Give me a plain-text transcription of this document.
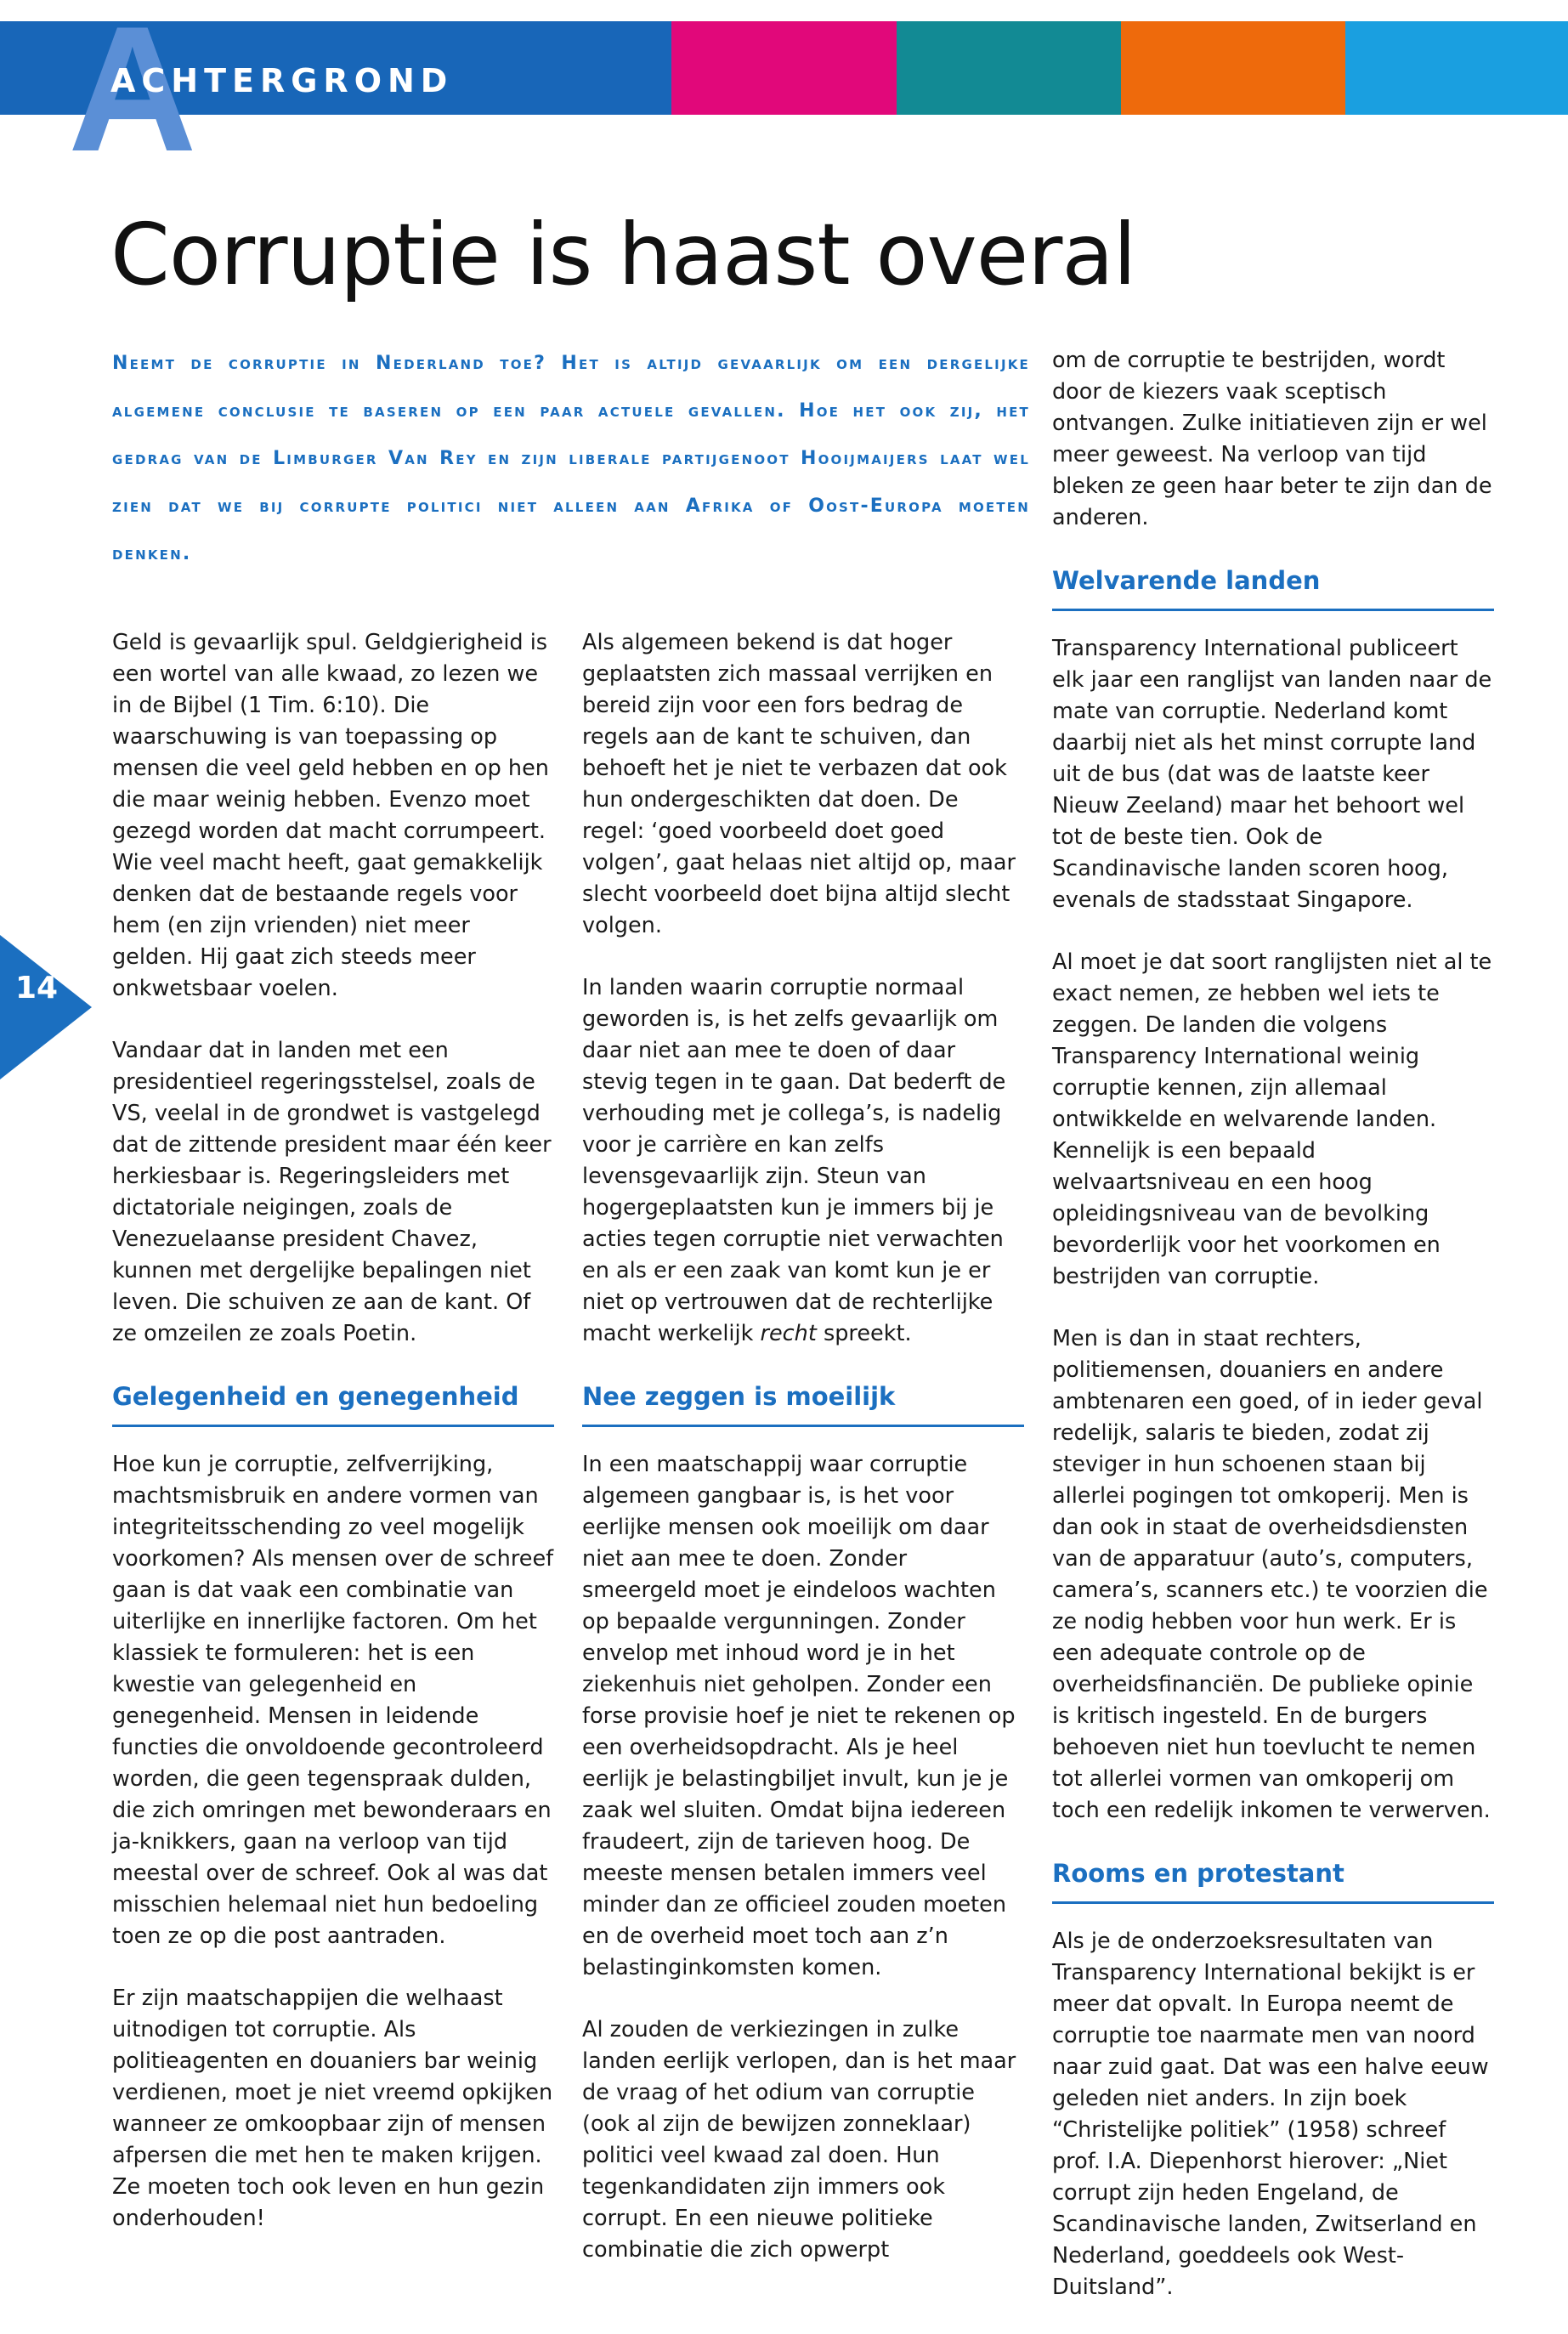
A
ACHTERGROND
Corruptie is haast overal

Neemt de corruptie in Nederland toe? Het is altijd gevaarlijk om een dergelijke algemene conclusie te baseren op een paar actuele gevallen. Hoe het ook zij, het gedrag van de Limburger Van Rey en zijn liberale partijgenoot Hooijmaijers laat wel zien dat we bij corrupte politici niet alleen aan Afrika of Oost-Europa moeten denken.

Geld is gevaarlijk spul. Geldgierigheid is een wortel van alle kwaad, zo lezen we in de Bijbel (1 Tim. 6:10). Die waarschuwing is van toepassing op mensen die veel geld hebben en op hen die maar weinig hebben. Evenzo moet gezegd worden dat macht corrumpeert. Wie veel macht heeft, gaat gemakkelijk denken dat de bestaande regels voor hem (en zijn vrienden) niet meer gelden. Hij gaat zich steeds meer onkwetsbaar voelen.

Vandaar dat in landen met een presidentieel regeringsstelsel, zoals de VS, veelal in de grondwet is vastgelegd dat de zittende president maar één keer herkiesbaar is. Regeringsleiders met dictatoriale neigingen, zoals de Venezuelaanse president Chavez, kunnen met dergelijke bepalingen niet leven. Die schuiven ze aan de kant. Of ze omzeilen ze zoals Poetin.

Gelegenheid en genegenheid

Hoe kun je corruptie, zelfverrijking, machtsmisbruik en andere vormen van integriteitsschending zo veel mogelijk voorkomen? Als mensen over de schreef gaan is dat vaak een combinatie van uiterlijke en innerlijke factoren. Om het klassiek te formuleren: het is een kwestie van gelegenheid en genegenheid. Mensen in leidende functies die onvoldoende gecontroleerd worden, die geen tegenspraak dulden, die zich omringen met bewonderaars en ja-knikkers, gaan na verloop van tijd meestal over de schreef. Ook al was dat misschien helemaal niet hun bedoeling toen ze op die post aantraden.

Er zijn maatschappijen die welhaast uitnodigen tot corruptie. Als politieagenten en douaniers bar weinig verdienen, moet je niet vreemd opkijken wanneer ze omkoopbaar zijn of mensen afpersen die met hen te maken krijgen. Ze moeten toch ook leven en hun gezin onderhouden!

Als algemeen bekend is dat hoger geplaatsten zich massaal verrijken en bereid zijn voor een fors bedrag de regels aan de kant te schuiven, dan behoeft het je niet te verbazen dat ook hun ondergeschikten dat doen. De regel: ‘goed voorbeeld doet goed volgen’, gaat helaas niet altijd op, maar slecht voorbeeld doet bijna altijd slecht volgen.

In landen waarin corruptie normaal geworden is, is het zelfs gevaarlijk om daar niet aan mee te doen of daar stevig tegen in te gaan. Dat bederft de verhouding met je collega’s, is nadelig voor je carrière en kan zelfs levensgevaarlijk zijn. Steun van hogergeplaatsten kun je immers bij je acties tegen corruptie niet verwachten en als er een zaak van komt kun je er niet op vertrouwen dat de rechterlijke macht werkelijk recht spreekt.

Nee zeggen is moeilijk

In een maatschappij waar corruptie algemeen gangbaar is, is het voor eerlijke mensen ook moeilijk om daar niet aan mee te doen. Zonder smeergeld moet je eindeloos wachten op bepaalde vergunningen. Zonder envelop met inhoud word je in het ziekenhuis niet geholpen. Zonder een forse provisie hoef je niet te rekenen op een overheidsopdracht. Als je heel eerlijk je belastingbiljet invult, kun je je zaak wel sluiten. Omdat bijna iedereen fraudeert, zijn de tarieven hoog. De meeste mensen betalen immers veel minder dan ze officieel zouden moeten en de overheid moet toch aan z’n belastinginkomsten komen.

Al zouden de verkiezingen in zulke landen eerlijk verlopen, dan is het maar de vraag of het odium van corruptie (ook al zijn de bewijzen zonneklaar) politici veel kwaad zal doen. Hun tegenkandidaten zijn immers ook corrupt. En een nieuwe politieke combinatie die zich opwerpt

om de corruptie te bestrijden, wordt door de kiezers vaak sceptisch ontvangen. Zulke initiatieven zijn er wel meer geweest. Na verloop van tijd bleken ze geen haar beter te zijn dan de anderen.

Welvarende landen

Transparency International publiceert elk jaar een ranglijst van landen naar de mate van corruptie. Nederland komt daarbij niet als het minst corrupte land uit de bus (dat was de laatste keer Nieuw Zeeland) maar het behoort wel tot de beste tien. Ook de Scandinavische landen scoren hoog, evenals de stadsstaat Singapore.

Al moet je dat soort ranglijsten niet al te exact nemen, ze hebben wel iets te zeggen. De landen die volgens Transparency International weinig corruptie kennen, zijn allemaal ontwikkelde en welvarende landen. Kennelijk is een bepaald welvaartsniveau en een hoog opleidingsniveau van de bevolking bevorderlijk voor het voorkomen en bestrijden van corruptie.

Men is dan in staat rechters, politiemensen, douaniers en andere ambtenaren een goed, of in ieder geval redelijk, salaris te bieden, zodat zij steviger in hun schoenen staan bij allerlei pogingen tot omkoperij. Men is dan ook in staat de overheidsdiensten van de apparatuur (auto’s, computers, camera’s, scanners etc.) te voorzien die ze nodig hebben voor hun werk. Er is een adequate controle op de overheidsfinanciën. De publieke opinie is kritisch ingesteld. En de burgers behoeven niet hun toevlucht te nemen tot allerlei vormen van omkoperij om toch een redelijk inkomen te verwerven.

Rooms en protestant

Als je de onderzoeksresultaten van Transparency International bekijkt is er meer dat opvalt. In Europa neemt de corruptie toe naarmate men van noord naar zuid gaat. Dat was een halve eeuw geleden niet anders. In zijn boek “Christelijke politiek” (1958) schreef prof. I.A. Diepenhorst hierover: „Niet corrupt zijn heden Engeland, de Scandinavische landen, Zwitserland en Nederland, goeddeels ook West-Duitsland”.

14
